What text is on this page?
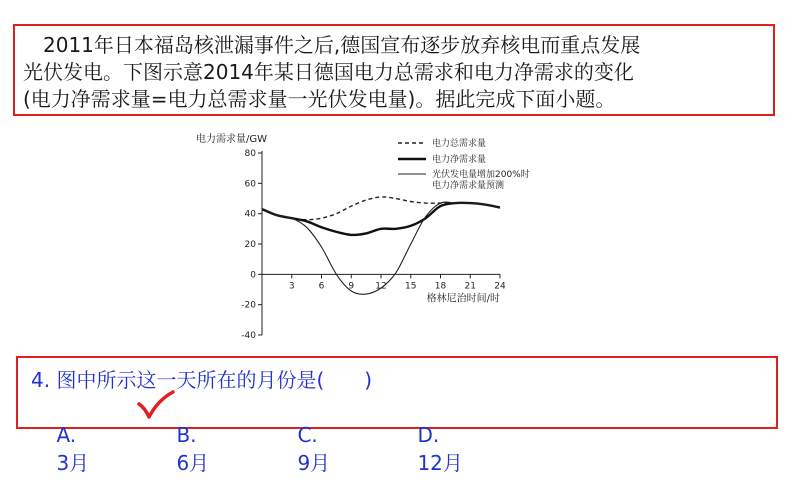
　2011年日本福岛核泄漏事件之后,德国宣布逐步放弃核电而重点发展
光伏发电。下图示意2014年某日德国电力总需求和电力净需求的变化
(电力净需求量=电力总需求量一光伏发电量)。据此完成下面小题。
-40
-20
0
20
40
60
80
3	6	9 12 15 18 21 24
电力需求量/GW
格林尼治时间/时
电力总需求量
电力净需求量
光伏发电量增加200%时
电力净需求量预测
4. 图中所示这一天所在的月份是(　　)

A.
3月

B.
6月

C.
9月

D.
12月
